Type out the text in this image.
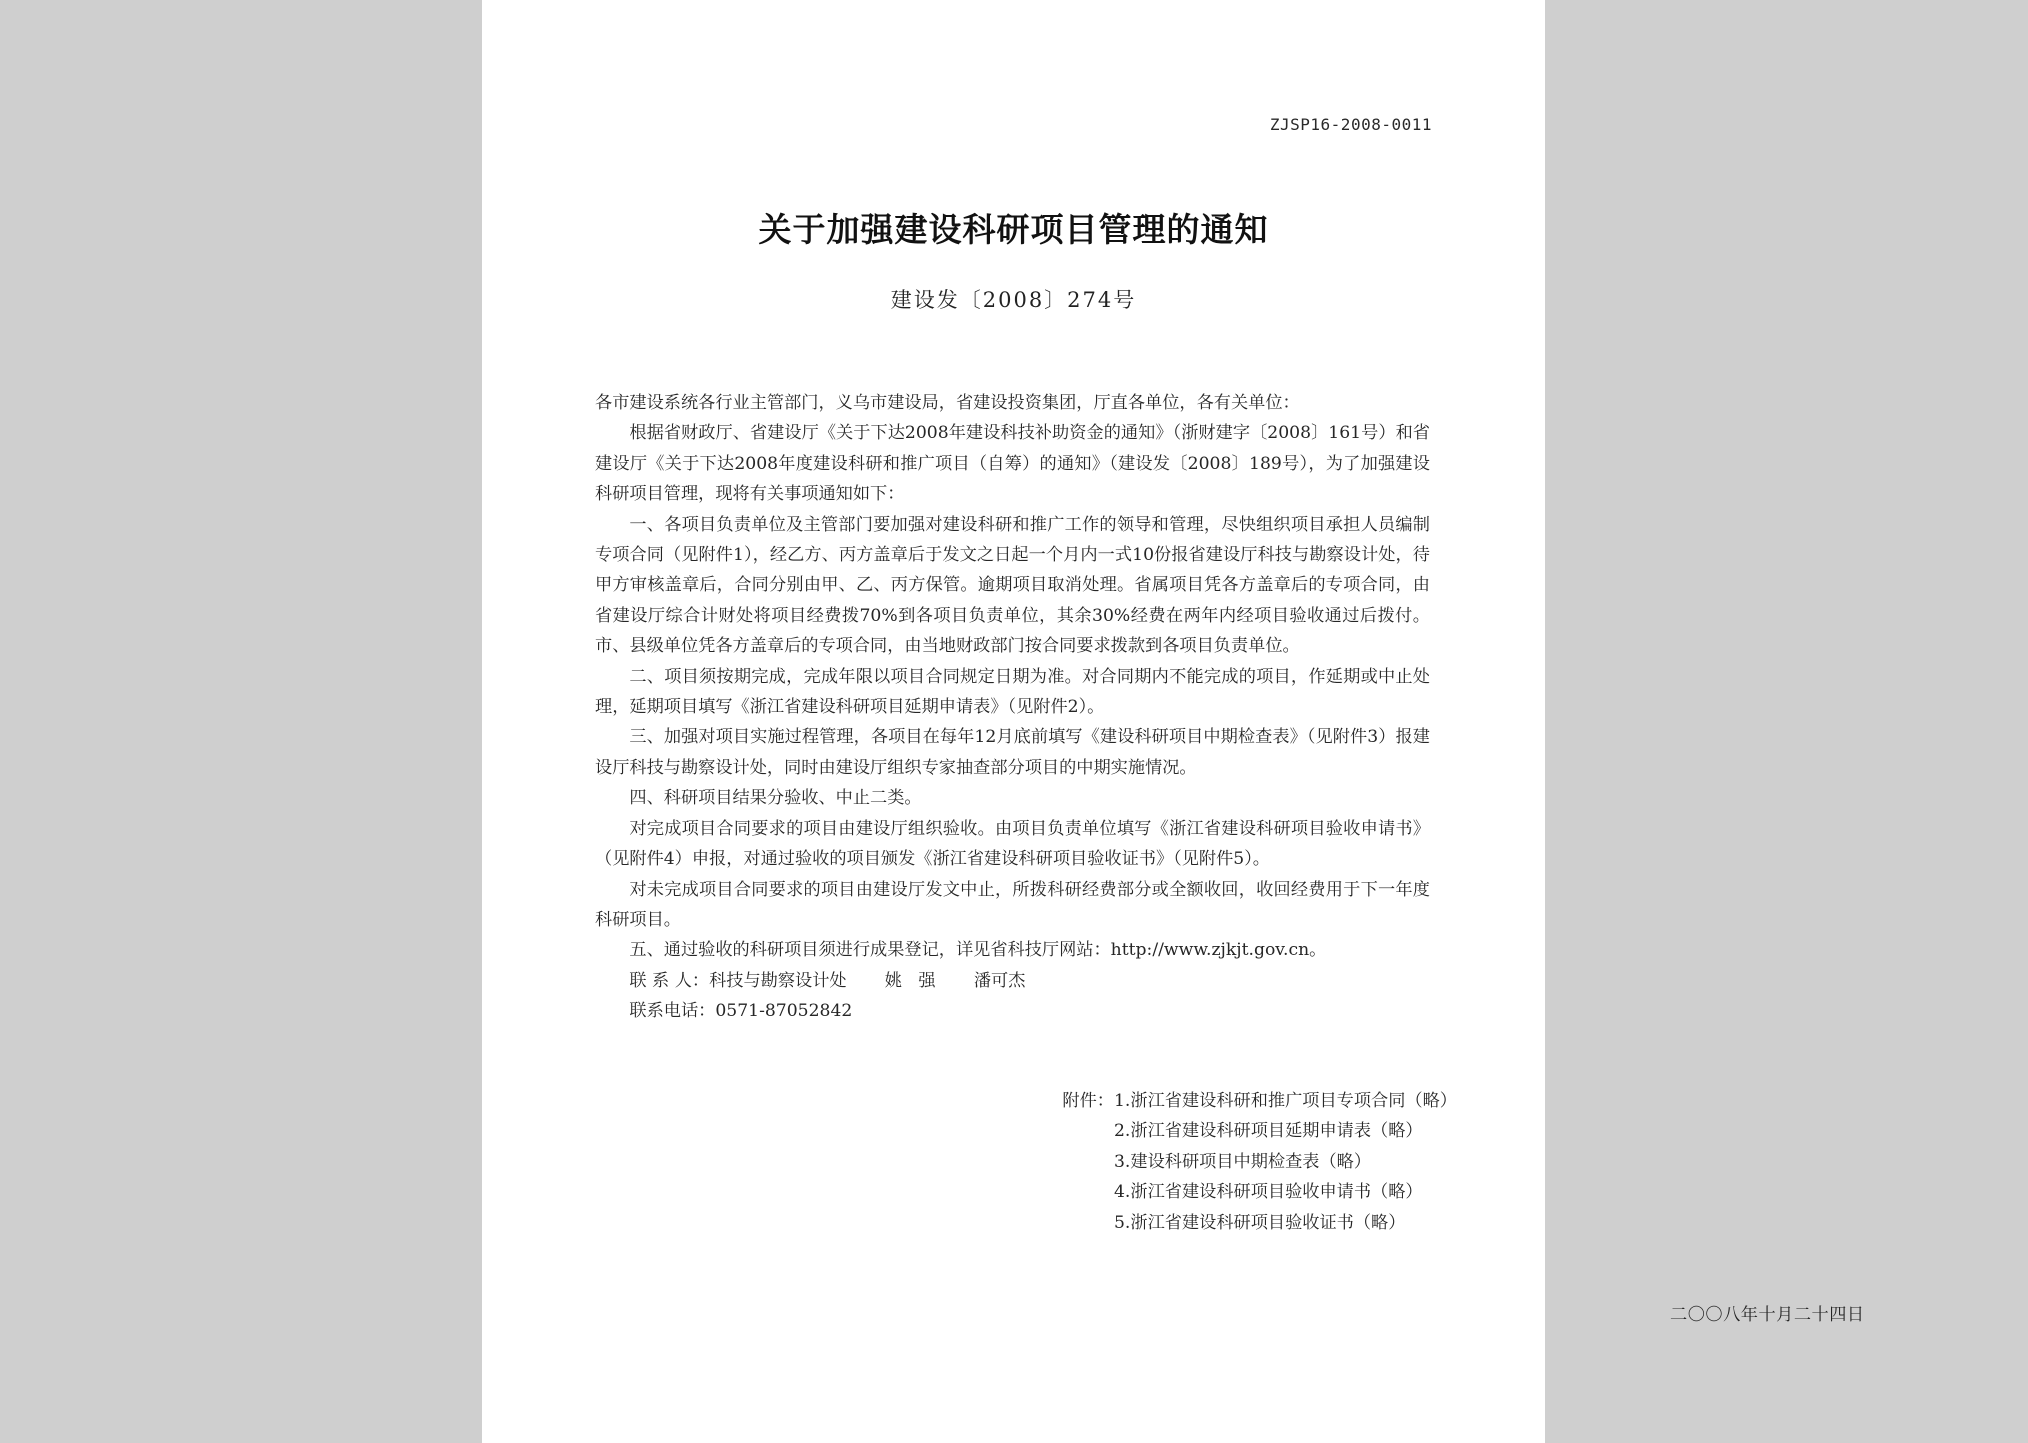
ZJSP16-2008-0011
关于加强建设科研项目管理的通知
建设发〔2008〕274号

各市建设系统各行业主管部门，义乌市建设局，省建设投资集团，厅直各单位，各有关单位：

根据省财政厅、省建设厅《关于下达2008年建设科技补助资金的通知》（浙财建字〔2008〕161号）和省建设厅《关于下达2008年度建设科研和推广项目（自筹）的通知》（建设发〔2008〕189号），为了加强建设科研项目管理，现将有关事项通知如下：

一、各项目负责单位及主管部门要加强对建设科研和推广工作的领导和管理，尽快组织项目承担人员编制专项合同（见附件1），经乙方、丙方盖章后于发文之日起一个月内一式10份报省建设厅科技与勘察设计处，待甲方审核盖章后，合同分别由甲、乙、丙方保管。逾期项目取消处理。省属项目凭各方盖章后的专项合同，由省建设厅综合计财处将项目经费拨70%到各项目负责单位，其余30%经费在两年内经项目验收通过后拨付。市、县级单位凭各方盖章后的专项合同，由当地财政部门按合同要求拨款到各项目负责单位。

二、项目须按期完成，完成年限以项目合同规定日期为准。对合同期内不能完成的项目，作延期或中止处理，延期项目填写《浙江省建设科研项目延期申请表》（见附件2）。

三、加强对项目实施过程管理，各项目在每年12月底前填写《建设科研项目中期检查表》（见附件3）报建设厅科技与勘察设计处，同时由建设厅组织专家抽查部分项目的中期实施情况。

四、科研项目结果分验收、中止二类。

对完成项目合同要求的项目由建设厅组织验收。由项目负责单位填写《浙江省建设科研项目验收申请书》（见附件4）申报，对通过验收的项目颁发《浙江省建设科研项目验收证书》（见附件5）。

对未完成项目合同要求的项目由建设厅发文中止，所拨科研经费部分或全额收回，收回经费用于下一年度科研项目。

五、通过验收的科研项目须进行成果登记，详见省科技厅网站：http://www.zjkjt.gov.cn。

联 系 人：科技与勘察设计处       姚   强       潘可杰

联系电话：0571-87052842

附件： 1.浙江省建设科研和推广项目专项合同（略）
2.浙江省建设科研项目延期申请表（略）
3.建设科研项目中期检查表（略）
4.浙江省建设科研项目验收申请书（略）
5.浙江省建设科研项目验收证书（略）
二〇〇八年十月二十四日
